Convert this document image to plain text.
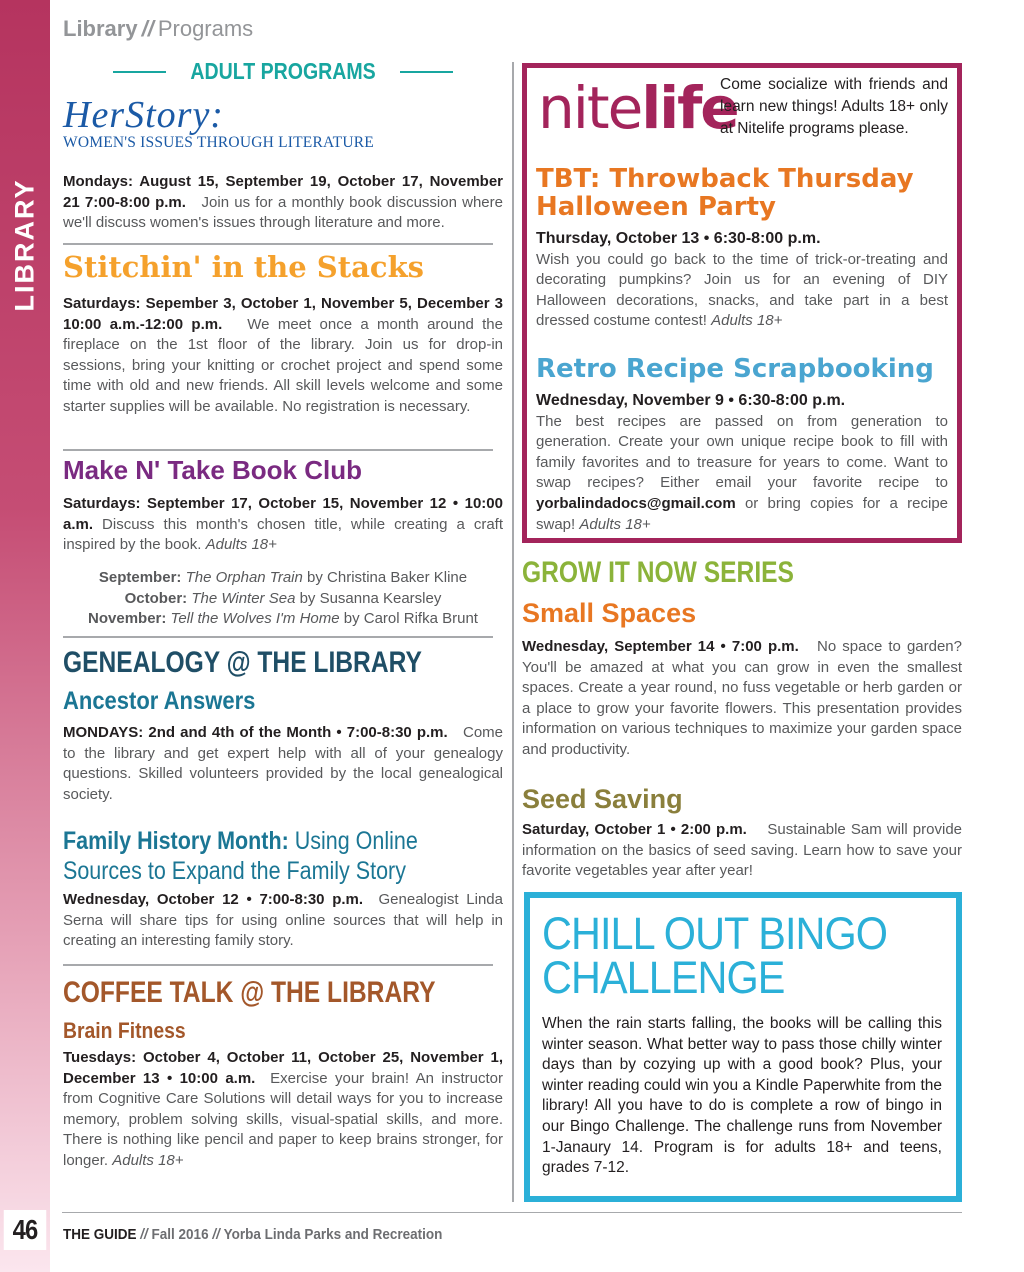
LIBRARY
46
Library // Programs
ADULT PROGRAMS
HerStory:
WOMEN'S ISSUES THROUGH LITERATURE
Mondays: August 15, September 19, October 17, November 21 7:00-8:00 p.m. Join us for a monthly book discussion where we'll discuss women's issues through literature and more.
Stitchin' in the Stacks
Saturdays: Sepember 3, October 1, November 5, December 3 10:00 a.m.-12:00 p.m. We meet once a month around the fireplace on the 1st floor of the library. Join us for drop-in sessions, bring your knitting or crochet project and spend some time with old and new friends. All skill levels welcome and some starter supplies will be available. No registration is necessary.
Make N' Take Book Club
Saturdays: September 17, October 15, November 12 • 10:00 a.m. Discuss this month's chosen title, while creating a craft inspired by the book. Adults 18+
September: The Orphan Train by Christina Baker Kline
October: The Winter Sea by Susanna Kearsley
November: Tell the Wolves I'm Home by Carol Rifka Brunt
GENEALOGY @ THE LIBRARY
Ancestor Answers
MONDAYS: 2nd and 4th of the Month • 7:00-8:30 p.m. Come to the library and get expert help with all of your genealogy questions. Skilled volunteers provided by the local genealogical society.
Family History Month: Using Online
Sources to Expand the Family Story
Wednesday, October 12 • 7:00-8:30 p.m. Genealogist Linda Serna will share tips for using online sources that will help in creating an interesting family story.
COFFEE TALK @ THE LIBRARY
Brain Fitness
Tuesdays: October 4, October 11, October 25, November 1, December 13 • 10:00 a.m. Exercise your brain! An instructor from Cognitive Care Solutions will detail ways for you to increase memory, problem solving skills, visual-spatial skills, and more. There is nothing like pencil and paper to keep brains stronger, for longer. Adults 18+
nitelife
Come socialize with friends and learn new things! Adults 18+ only at Nitelife programs please.
TBT: Throwback Thursday
Halloween Party
Thursday, October 13 • 6:30-8:00 p.m.
Wish you could go back to the time of trick-or-treating and decorating pumpkins? Join us for an evening of DIY Halloween decorations, snacks, and take part in a best dressed costume contest! Adults 18+
Retro Recipe Scrapbooking
Wednesday, November 9 • 6:30-8:00 p.m.
The best recipes are passed on from generation to generation. Create your own unique recipe book to fill with family favorites and to treasure for years to come. Want to swap recipes? Either email your favorite recipe to yorbalindadocs@gmail.com or bring copies for a recipe swap! Adults 18+
GROW IT NOW SERIES
Small Spaces
Wednesday, September 14 • 7:00 p.m. No space to garden? You'll be amazed at what you can grow in even the smallest spaces. Create a year round, no fuss vegetable or herb garden or a place to grow your favorite flowers. This presentation provides information on various techniques to maximize your garden space and productivity.
Seed Saving
Saturday, October 1 • 2:00 p.m. Sustainable Sam will provide information on the basics of seed saving. Learn how to save your favorite vegetables year after year!
CHILL OUT BINGO
CHALLENGE
When the rain starts falling, the books will be calling this winter season. What better way to pass those chilly winter days than by cozying up with a good book? Plus, your winter reading could win you a Kindle Paperwhite from the library! All you have to do is complete a row of bingo in our Bingo Challenge. The challenge runs from November 1-Janaury 14. Program is for adults 18+ and teens, grades 7-12.
THE GUIDE // Fall 2016 // Yorba Linda Parks and Recreation
